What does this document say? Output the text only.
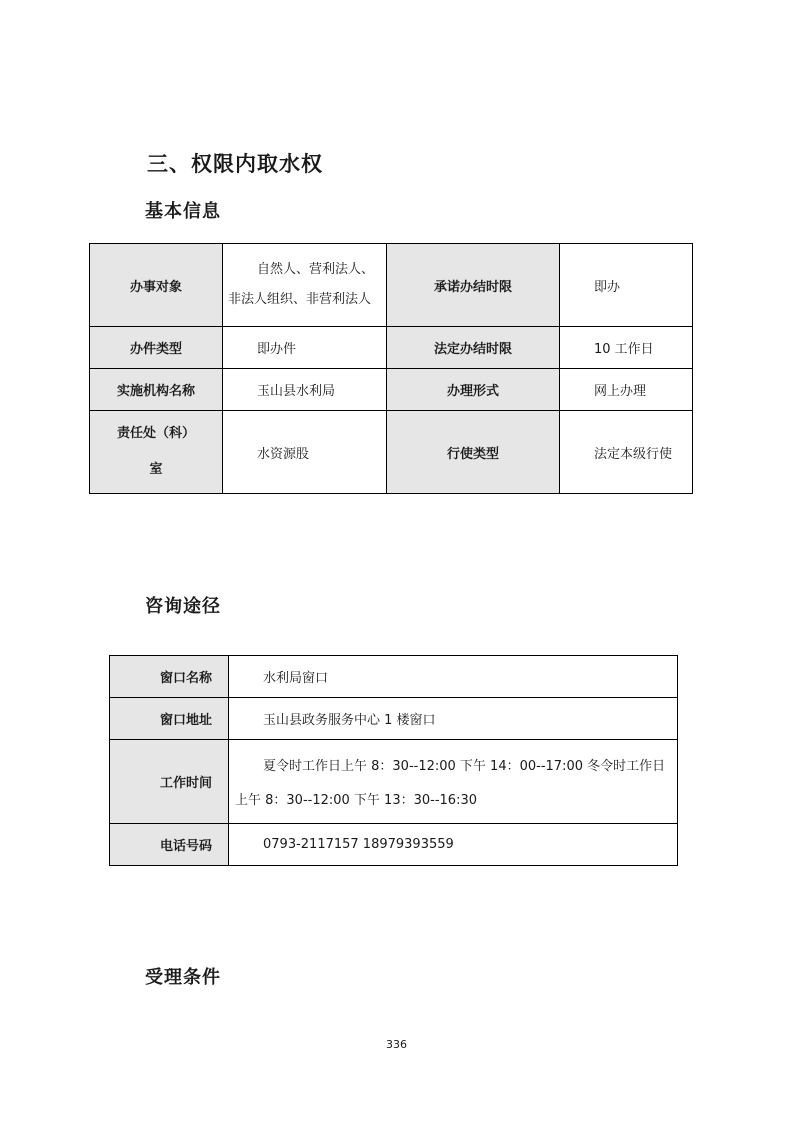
三、权限内取水权
基本信息
办事对象	自然人、营利法人、
非法人组织、非营利法人	承诺办结时限	即办
办件类型	即办件	法定办结时限	10 工作日
实施机构名称	玉山县水利局	办理形式	网上办理

责任处（科）
室	水资源股	行使类型	法定本级行使
咨询途径
窗口名称	水利局窗口
窗口地址	玉山县政务服务中心 1 楼窗口
工作时间	夏令时工作日上午 8：30--12:00 下午 14：00--17:00 冬令时工作日
上午 8：30--12:00 下午 13：30--16:30

电话号码	0793-2117157 18979393559
受理条件
336
